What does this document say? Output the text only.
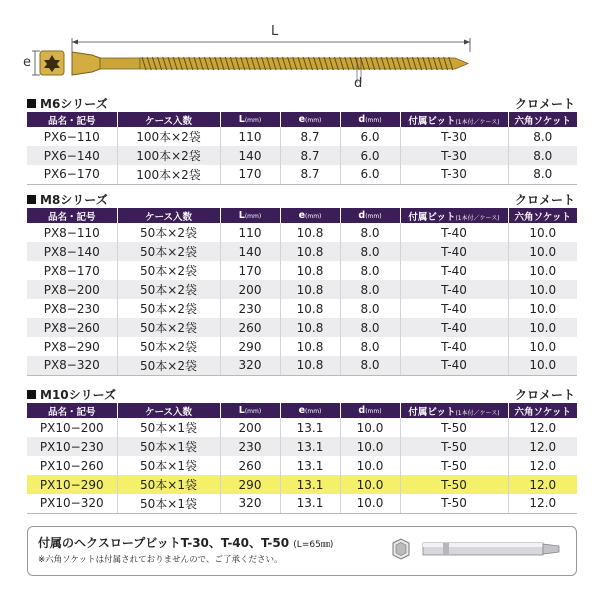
L
e
d
M6シリーズ	クロメート
品名・記号	ケース入数	L(mm)	e(mm)	d(mm)	付属ビット(1本付／ケース)	六角ソケット
PX6−110	100本×2袋	110	8.7	6.0	T-30	8.0
PX6−140	100本×2袋	140	8.7	6.0	T-30	8.0
PX6−170	100本×2袋	170	8.7	6.0	T-30	8.0
M8シリーズ	クロメート
品名・記号	ケース入数	L(mm)	e(mm)	d(mm)	付属ビット(1本付／ケース)	六角ソケット
PX8−110	50本×2袋	110	10.8	8.0	T-40	10.0
PX8−140	50本×2袋	140	10.8	8.0	T-40	10.0
PX8−170	50本×2袋	170	10.8	8.0	T-40	10.0
PX8−200	50本×2袋	200	10.8	8.0	T-40	10.0
PX8−230	50本×2袋	230	10.8	8.0	T-40	10.0
PX8−260	50本×2袋	260	10.8	8.0	T-40	10.0
PX8−290	50本×2袋	290	10.8	8.0	T-40	10.0
PX8−320	50本×2袋	320	10.8	8.0	T-40	10.0
M10シリーズ	クロメート
品名・記号	ケース入数	L(mm)	e(mm)	d(mm)	付属ビット(1本付／ケース)	六角ソケット
PX10−200	50本×1袋	200	13.1	10.0	T-50	12.0
PX10−230	50本×1袋	230	13.1	10.0	T-50	12.0
PX10−260	50本×1袋	260	13.1	10.0	T-50	12.0
PX10−290	50本×1袋	290	13.1	10.0	T-50	12.0
PX10−320	50本×1袋	320	13.1	10.0	T-50	12.0
付属のヘクスロープビットT-30、T-40、T-50 (L=65㎜)
※六角ソケットは付属されておりませんので、ご了承ください。
